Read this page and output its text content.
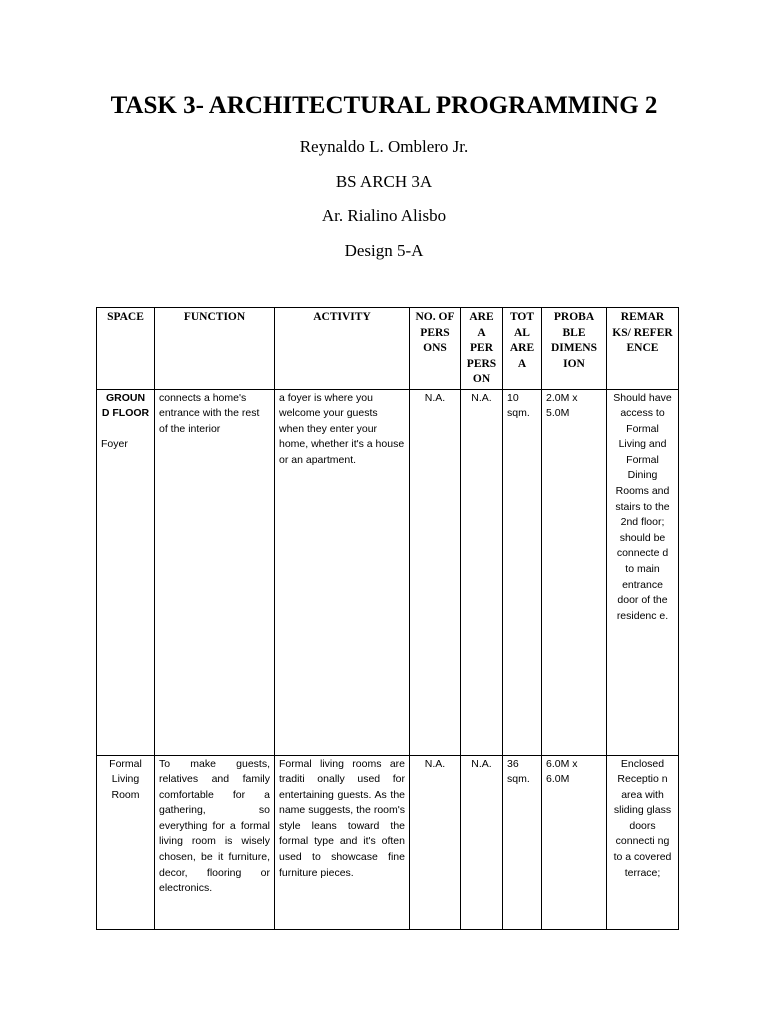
TASK 3- ARCHITECTURAL PROGRAMMING 2
Reynaldo L. Omblero Jr.
BS ARCH 3A
Ar. Rialino Alisbo
Design 5-A
SPACE	FUNCTION	ACTIVITY	NO. OF PERS ONS	ARE A PER PERS ON	TOT AL ARE A	PROBA BLE DIMENS ION	REMAR KS/ REFER ENCE

GROUN D FLOOR
Foyer	connects a home's entrance with the rest of the interior	a foyer is where you welcome your guests when they enter your home, whether it's a house or an apartment.	N.A.	N.A.	10 sqm.	2.0M x 5.0M	Should have access to Formal Living and Formal Dining Rooms and stairs to the 2nd floor; should be connecte d to main entrance door of the residenc e.
Formal Living Room	To make guests, relatives and family comfortable for a gathering, so everything for a formal living room is wisely chosen, be it furniture, decor, flooring or electronics.	Formal living rooms are traditi onally used for entertaining guests. As the name suggests, the room's style leans toward the formal type and it's often used to showcase fine furniture pieces.	N.A.	N.A.	36 sqm.	6.0M x 6.0M	Enclosed Receptio n area with sliding glass doors connecti ng to a covered terrace;
